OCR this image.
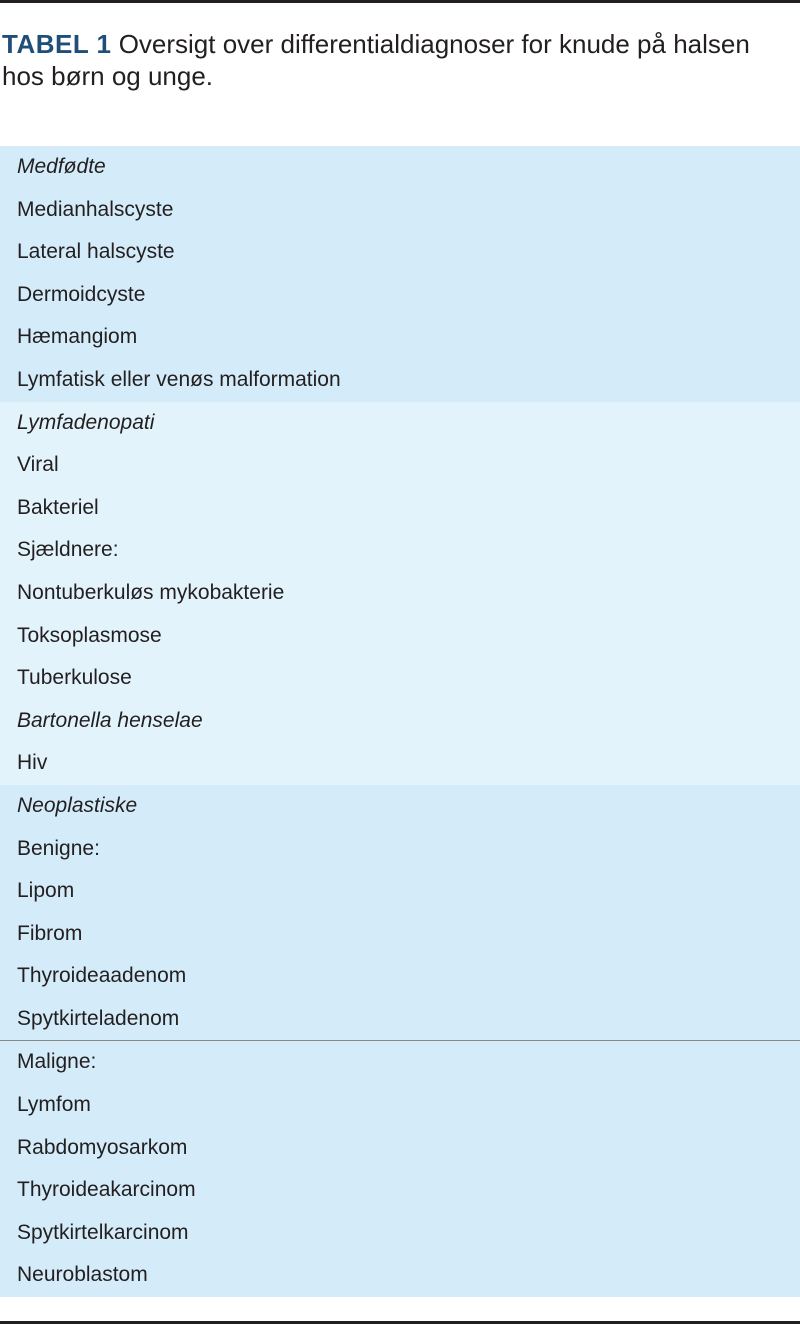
TABEL 1 Oversigt over differentialdiagnoser for knude på halsen hos børn og unge.
Medfødte
Medianhalscyste
Lateral halscyste
Dermoidcyste
Hæmangiom
Lymfatisk eller venøs malformation
Lymfadenopati
Viral
Bakteriel
Sjældnere:
Nontuberkuløs mykobakterie
Toksoplasmose
Tuberkulose
Bartonella henselae
Hiv
Neoplastiske
Benigne:
Lipom
Fibrom
Thyroideaadenom
Spytkirteladenom
Maligne:
Lymfom
Rabdomyosarkom
Thyroideakarcinom
Spytkirtelkarcinom
Neuroblastom
